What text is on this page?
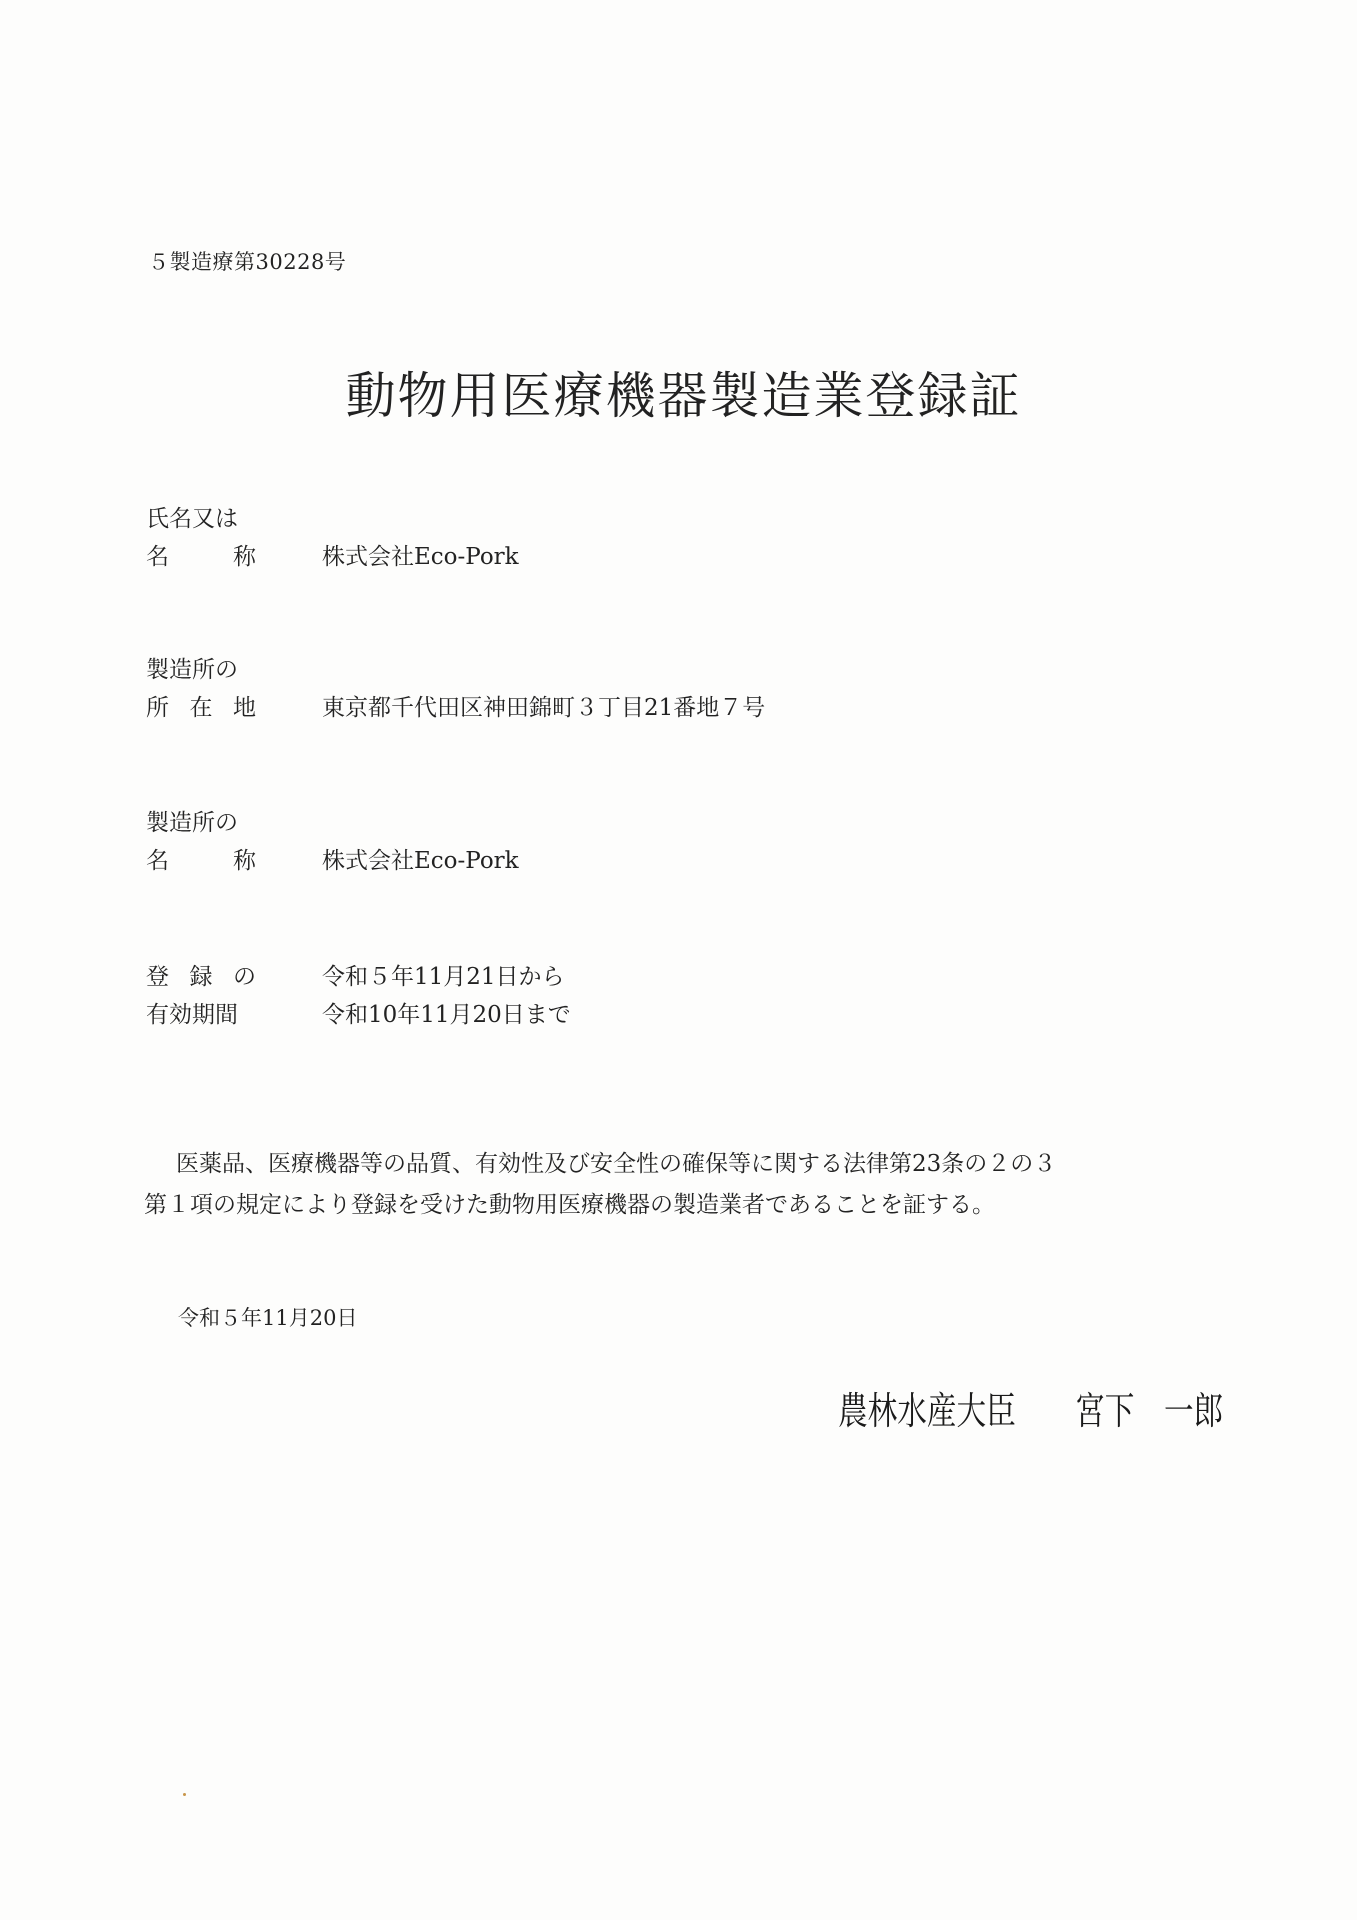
５製造療第30228号
動物用医療機器製造業登録証
氏名又は
名	称	株式会社Eco-Pork
製造所の
所 在 地	東京都千代田区神田錦町３丁目21番地７号
製造所の
名	称	株式会社Eco-Pork
登 録 の	令和５年11月21日から
有効期間	令和10年11月20日まで

医薬品、医療機器等の品質、有効性及び安全性の確保等に関する法律第23条の２の３

第１項の規定により登録を受けた動物用医療機器の製造業者であることを証する。

令和５年11月20日
農林水産大臣　　宮下　一郎
